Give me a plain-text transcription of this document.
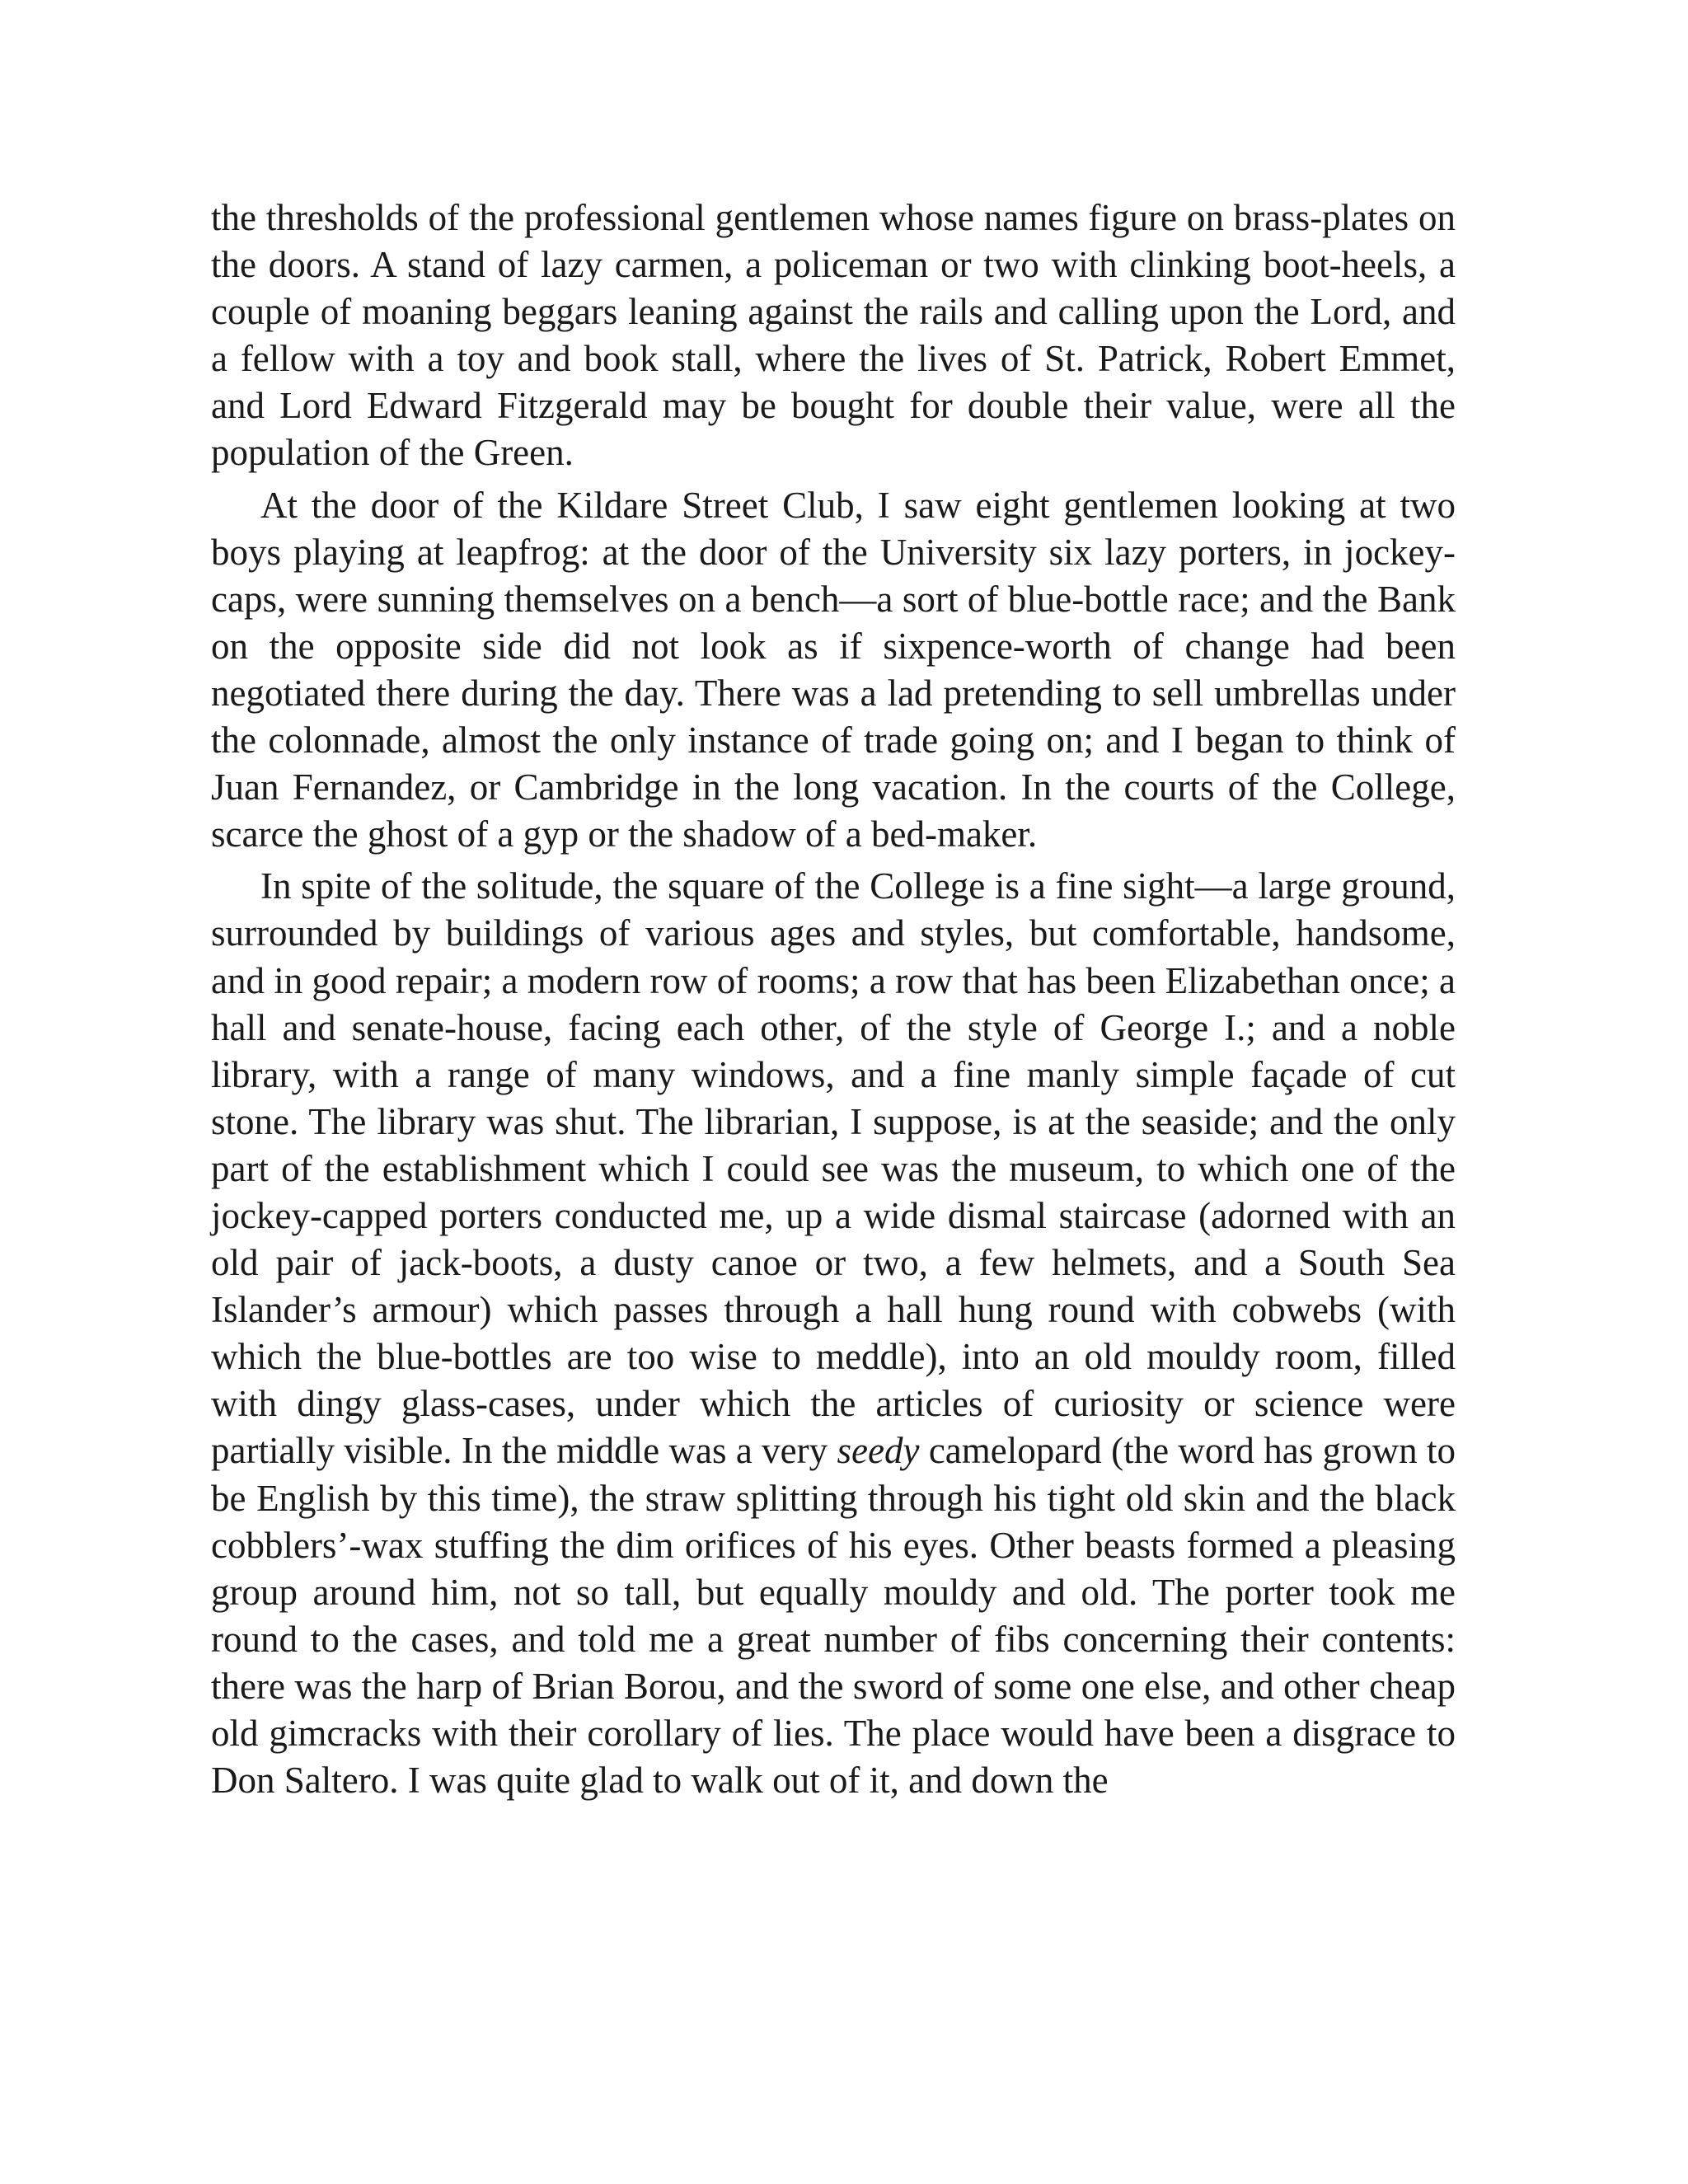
the thresholds of the professional gentlemen whose names figure on brass-plates on the doors. A stand of lazy carmen, a policeman or two with clinking boot-heels, a couple of moaning beggars leaning against the rails and calling upon the Lord, and a fellow with a toy and book stall, where the lives of St. Patrick, Robert Emmet, and Lord Edward Fitzgerald may be bought for double their value, were all the population of the Green.

At the door of the Kildare Street Club, I saw eight gentlemen looking at two boys playing at leapfrog: at the door of the University six lazy porters, in jockey-caps, were sunning themselves on a bench—a sort of blue-bottle race; and the Bank on the opposite side did not look as if sixpence-worth of change had been negotiated there during the day. There was a lad pretending to sell umbrellas under the colonnade, almost the only instance of trade going on; and I began to think of Juan Fernandez, or Cambridge in the long vacation. In the courts of the College, scarce the ghost of a gyp or the shadow of a bed-maker.

In spite of the solitude, the square of the College is a fine sight—a large ground, surrounded by buildings of various ages and styles, but comfortable, handsome, and in good repair; a modern row of rooms; a row that has been Elizabethan once; a hall and senate-house, facing each other, of the style of George I.; and a noble library, with a range of many windows, and a fine manly simple façade of cut stone. The library was shut. The librarian, I suppose, is at the seaside; and the only part of the establishment which I could see was the museum, to which one of the jockey-capped porters conducted me, up a wide dismal staircase (adorned with an old pair of jack-boots, a dusty canoe or two, a few helmets, and a South Sea Islander’s armour) which passes through a hall hung round with cobwebs (with which the blue-bottles are too wise to meddle), into an old mouldy room, filled with dingy glass-cases, under which the articles of curiosity or science were partially visible. In the middle was a very seedy camelopard (the word has grown to be English by this time), the straw splitting through his tight old skin and the black cobblers’-wax stuffing the dim orifices of his eyes. Other beasts formed a pleasing group around him, not so tall, but equally mouldy and old. The porter took me round to the cases, and told me a great number of fibs concerning their contents: there was the harp of Brian Borou, and the sword of some one else, and other cheap old gimcracks with their corollary of lies. The place would have been a disgrace to Don Saltero. I was quite glad to walk out of it, and down the
